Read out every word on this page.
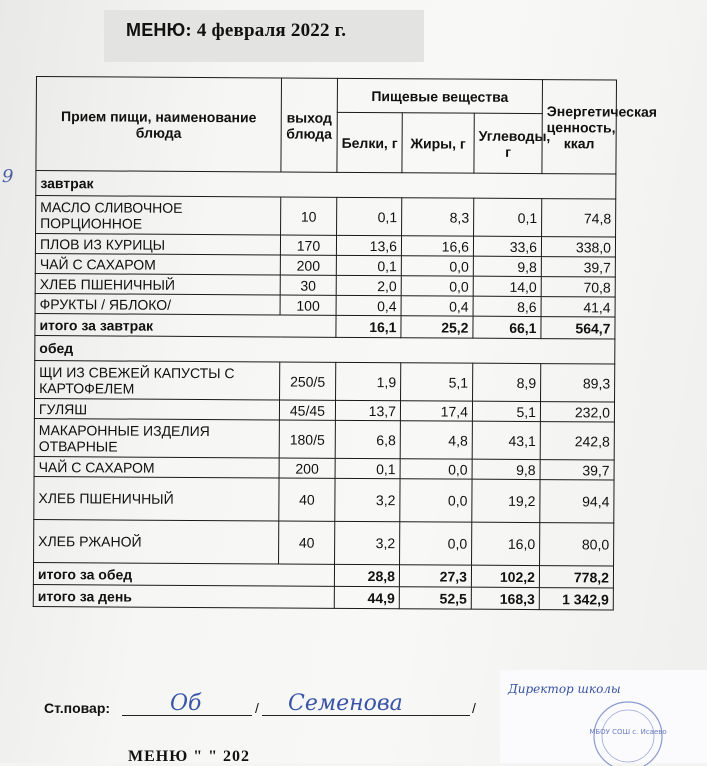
МЕНЮ: 4 февраля 2022 г.
9
Прием пищи, наименование блюда	выход блюда	Пищевые вещества			Энергетическая ценность, ккал
		Белки, г	Жиры, г	Углеводы, г	
завтрак					
МАСЛО СЛИВОЧНОЕ ПОРЦИОННОЕ	10	0,1	8,3	0,1	74,8
ПЛОВ ИЗ КУРИЦЫ	170	13,6	16,6	33,6	338,0
ЧАЙ С САХАРОМ	200	0,1	0,0	9,8	39,7
ХЛЕБ ПШЕНИЧНЫЙ	30	2,0	0,0	14,0	70,8
ФРУКТЫ / ЯБЛОКО/	100	0,4	0,4	8,6	41,4
итого за завтрак		16,1	25,2	66,1	564,7
обед					
ЩИ ИЗ СВЕЖЕЙ КАПУСТЫ С КАРТОФЕЛЕМ	250/5	1,9	5,1	8,9	89,3
ГУЛЯШ	45/45	13,7	17,4	5,1	232,0
МАКАРОННЫЕ ИЗДЕЛИЯ ОТВАРНЫЕ	180/5	6,8	4,8	43,1	242,8
ЧАЙ С САХАРОМ	200	0,1	0,0	9,8	39,7
ХЛЕБ ПШЕНИЧНЫЙ	40	3,2	0,0	19,2	94,4
ХЛЕБ РЖАНОЙ	40	3,2	0,0	16,0	80,0
итого за обед		28,8	27,3	102,2	778,2
итого за день		44,9	52,5	168,3	1 342,9
Ст.повар:	/	/
Об	Семенова
Директор школы
МБОУ СОШ с. Исаево
МЕНЮ " " 202
